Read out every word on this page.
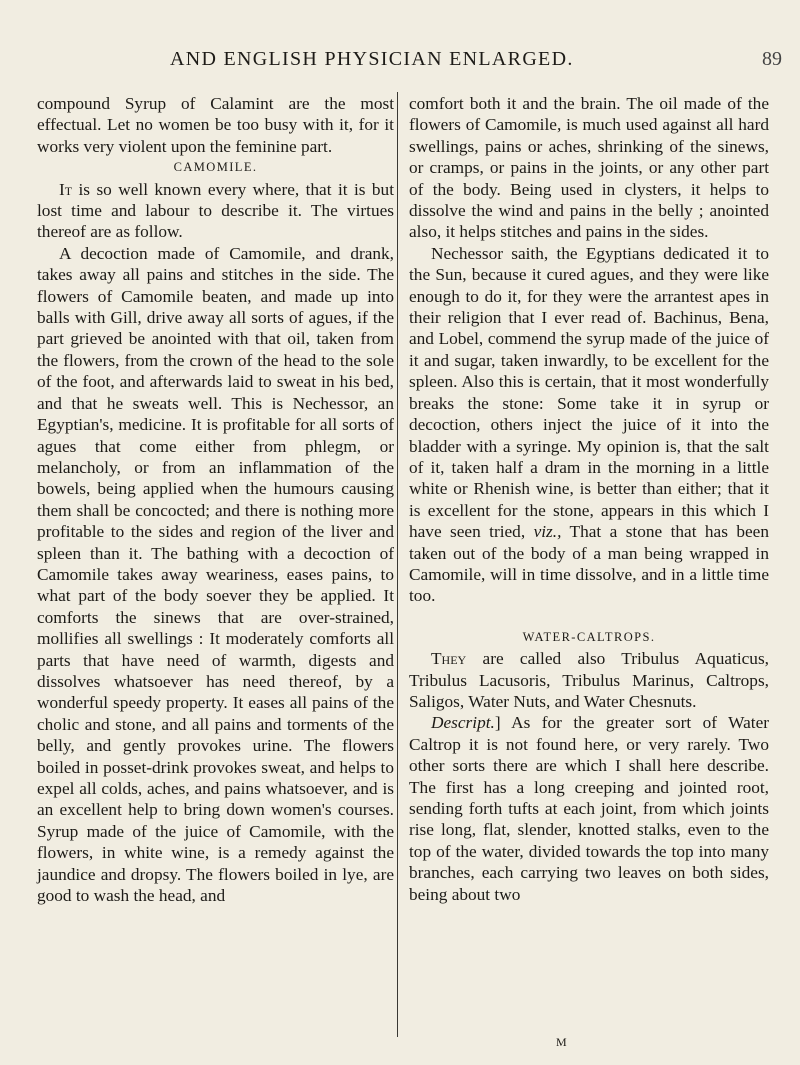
AND ENGLISH PHYSICIAN ENLARGED.	89

compound Syrup of Calamint are the most effectual. Let no women be too busy with it, for it works very violent upon the feminine part.

CAMOMILE.

It is so well known every where, that it is but lost time and labour to describe it. The virtues thereof are as follow.

A decoction made of Camomile, and drank, takes away all pains and stitches in the side. The flowers of Camomile beaten, and made up into balls with Gill, drive away all sorts of agues, if the part grieved be anointed with that oil, taken from the flowers, from the crown of the head to the sole of the foot, and afterwards laid to sweat in his bed, and that he sweats well. This is Nechessor, an Egyptian's, medicine. It is profitable for all sorts of agues that come either from phlegm, or melancholy, or from an inflammation of the bowels, being applied when the humours causing them shall be concocted; and there is nothing more profitable to the sides and region of the liver and spleen than it. The bathing with a decoction of Camomile takes away weariness, eases pains, to what part of the body soever they be applied. It comforts the sinews that are over-strained, mollifies all swellings : It moderately comforts all parts that have need of warmth, digests and dissolves whatsoever has need thereof, by a wonderful speedy property. It eases all pains of the cholic and stone, and all pains and torments of the belly, and gently provokes urine. The flowers boiled in posset-drink provokes sweat, and helps to expel all colds, aches, and pains whatsoever, and is an excellent help to bring down women's courses. Syrup made of the juice of Camomile, with the flowers, in white wine, is a remedy against the jaundice and dropsy. The flowers boiled in lye, are good to wash the head, and

comfort both it and the brain. The oil made of the flowers of Camomile, is much used against all hard swellings, pains or aches, shrinking of the sinews, or cramps, or pains in the joints, or any other part of the body. Being used in clysters, it helps to dissolve the wind and pains in the belly ; anointed also, it helps stitches and pains in the sides.

Nechessor saith, the Egyptians dedicated it to the Sun, because it cured agues, and they were like enough to do it, for they were the arrantest apes in their religion that I ever read of. Bachinus, Bena, and Lobel, commend the syrup made of the juice of it and sugar, taken inwardly, to be excellent for the spleen. Also this is certain, that it most wonderfully breaks the stone: Some take it in syrup or decoction, others inject the juice of it into the bladder with a syringe. My opinion is, that the salt of it, taken half a dram in the morning in a little white or Rhenish wine, is better than either; that it is excellent for the stone, appears in this which I have seen tried, viz., That a stone that has been taken out of the body of a man being wrapped in Camomile, will in time dissolve, and in a little time too.

WATER-CALTROPS.

They are called also Tribulus Aquaticus, Tribulus Lacusoris, Tribulus Marinus, Caltrops, Saligos, Water Nuts, and Water Chesnuts.

Descript.] As for the greater sort of Water Caltrop it is not found here, or very rarely. Two other sorts there are which I shall here describe. The first has a long creeping and jointed root, sending forth tufts at each joint, from which joints rise long, flat, slender, knotted stalks, even to the top of the water, divided towards the top into many branches, each carrying two leaves on both sides, being about two

M
